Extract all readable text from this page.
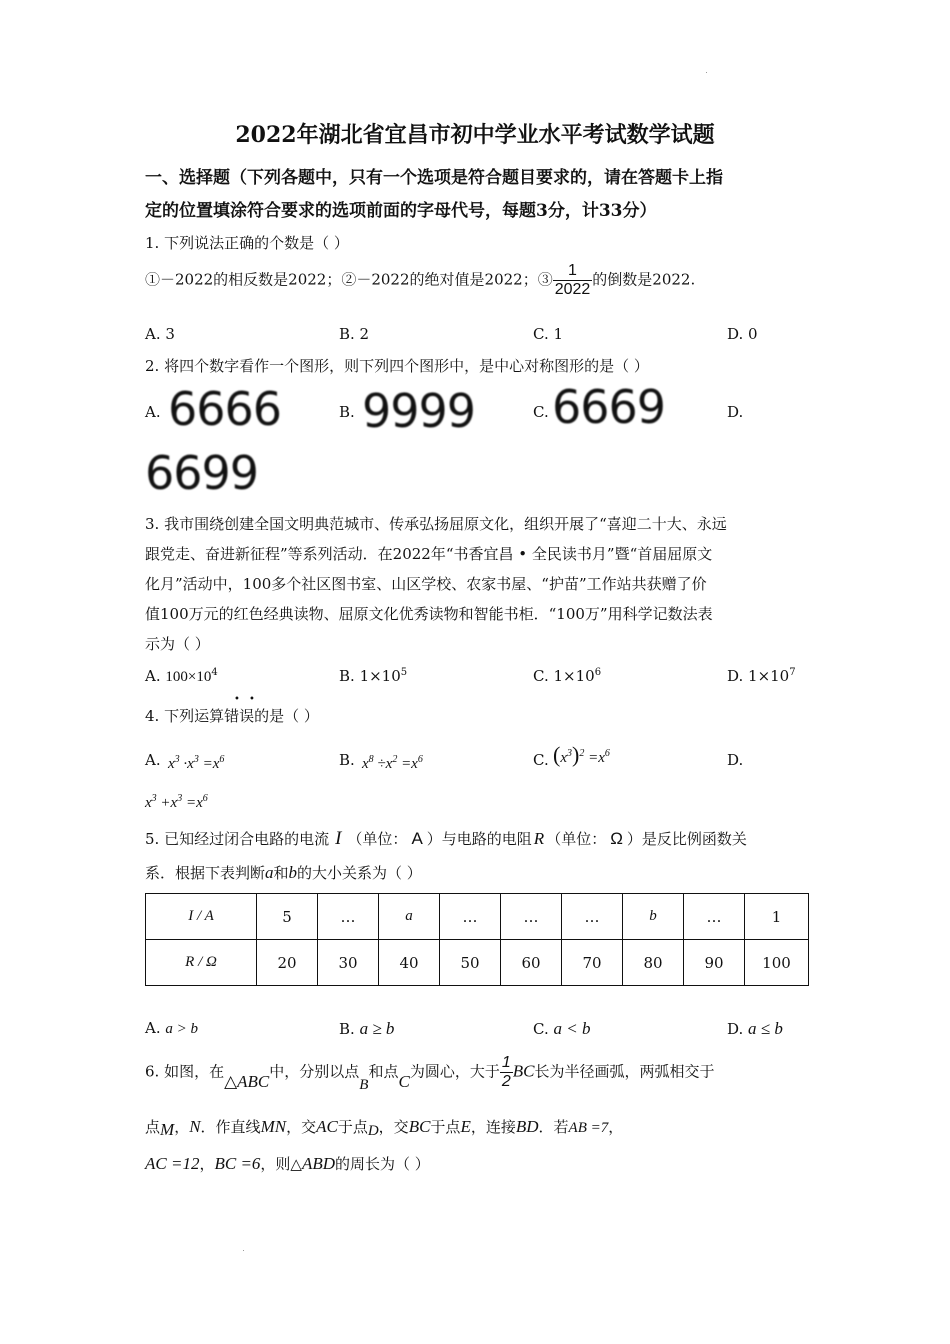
2022年湖北省宜昌市初中学业水平考试数学试题
一、选择题（下列各题中，只有一个选项是符合题目要求的，请在答题卡上指
定的位置填涂符合要求的选项前面的字母代号，每题3分，计33分）
1. 下列说法正确的个数是（ ）
①－2022的相反数是2022；②－2022的绝对值是2022；③ $\frac{1}{2022}$ 的倒数是2022.
A. 3	B. 2	C. 1	D. 0
2. 将四个数字看作一个图形，则下列四个图形中，是中心对称图形的是（ ）
A. 6666	B. 9999	C. 6669	D.
6699
3. 我市围绕创建全国文明典范城市、传承弘扬屈原文化，组织开展了“喜迎二十大、永远
跟党走、奋进新征程”等系列活动．在2022年“书香宜昌 • 全民读书月”暨“首届屈原文
化月”活动中，100多个社区图书室、山区学校、农家书屋、“护苗”工作站共获赠了价
值100万元的红色经典读物、屈原文化优秀读物和智能书柜．“100万”用科学记数法表
示为（ ）
A. $100\times 10^4$	B. $1\times 10^5$	C. $1\times 10^6$	D. $1\times 10^7$
• •
4. 下列运算错误的是（ ）
A. $x^3 \cdot x^3 =x^6$	B. $x^8 \div x^2 =x^6$	C. $(x^3)^2 =x^6$	D.
$x^3 +x^3 =x^6$
5. 已知经过闭合电路的电流 I （单位： A ）与电路的电阻 R （单位： Ω ）是反比例函数关
系．根据下表判断a和b的大小关系为（ ）
I / A	5	…	a	…	…	…	b	…	1
R / Ω	20	30	40	50	60	70	80	90	100
A. a > b	B. a ≥ b	C. a < b	D. a ≤ b
6. 如图，在△ABC中，分别以点B和点C为圆心，大于 $\frac{1}{2}$ BC长为半径画弧，两弧相交于
点M，N．作直线MN，交AC于点D，交BC于点E，连接BD．若AB =7，
AC =12，BC =6，则△ABD的周长为（ ）
